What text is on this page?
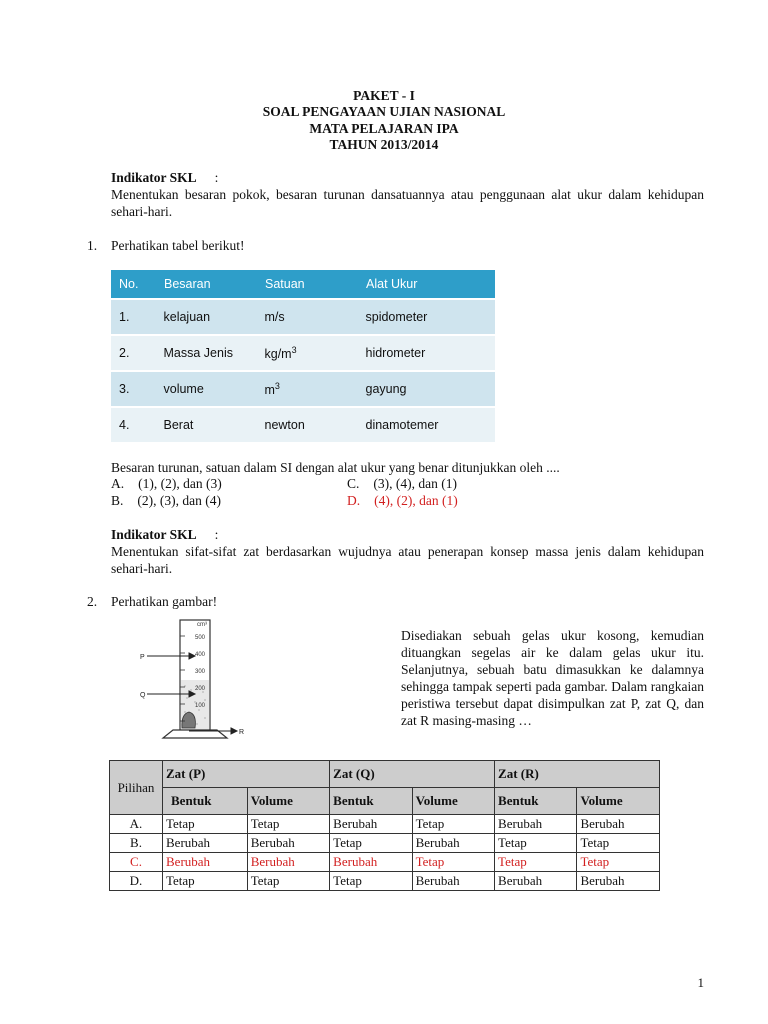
PAKET - I
SOAL PENGAYAAN UJIAN NASIONAL
MATA PELAJARAN IPA
TAHUN 2013/2014
Indikator SKL :
Menentukan besaran pokok, besaran turunan dansatuannya atau penggunaan alat ukur dalam kehidupan sehari-hari.
1. Perhatikan tabel berikut!
No.	Besaran	Satuan	Alat Ukur
1.	kelajuan	m/s	spidometer
2.	Massa Jenis	$kg/m^3$	hidrometer
3.	volume	$m^3$	gayung
4.	Berat	newton	dinamotemer
Besaran turunan, satuan dalam SI dengan alat ukur yang benar ditunjukkan oleh ....
A. (1), (2), dan (3)
B. (2), (3), dan (4)
C. (3), (4), dan (1)
D. (4), (2), dan (1)
Indikator SKL :
Menentukan sifat-sifat zat berdasarkan wujudnya atau penerapan konsep massa jenis dalam kehidupan sehari-hari.
2. Perhatikan gambar!
cm³
500
400
300
200
100
P
Q
R
Disediakan sebuah gelas ukur kosong, kemudian dituangkan segelas air ke dalam gelas ukur itu. Selanjutnya, sebuah batu dimasukkan ke dalamnya sehingga tampak seperti pada gambar. Dalam rangkaian peristiwa tersebut dapat disimpulkan zat P, zat Q, dan zat R masing-masing …
Pilihan	Zat (P)		Zat (Q)		Zat (R)	
	Bentuk	Volume	Bentuk	Volume	Bentuk	Volume
A.	Tetap	Tetap	Berubah	Tetap	Berubah	Berubah
B.	Berubah	Berubah	Tetap	Berubah	Tetap	Tetap
C.	Berubah	Berubah	Berubah	Tetap	Tetap	Tetap
D.	Tetap	Tetap	Tetap	Berubah	Berubah	Berubah
1
